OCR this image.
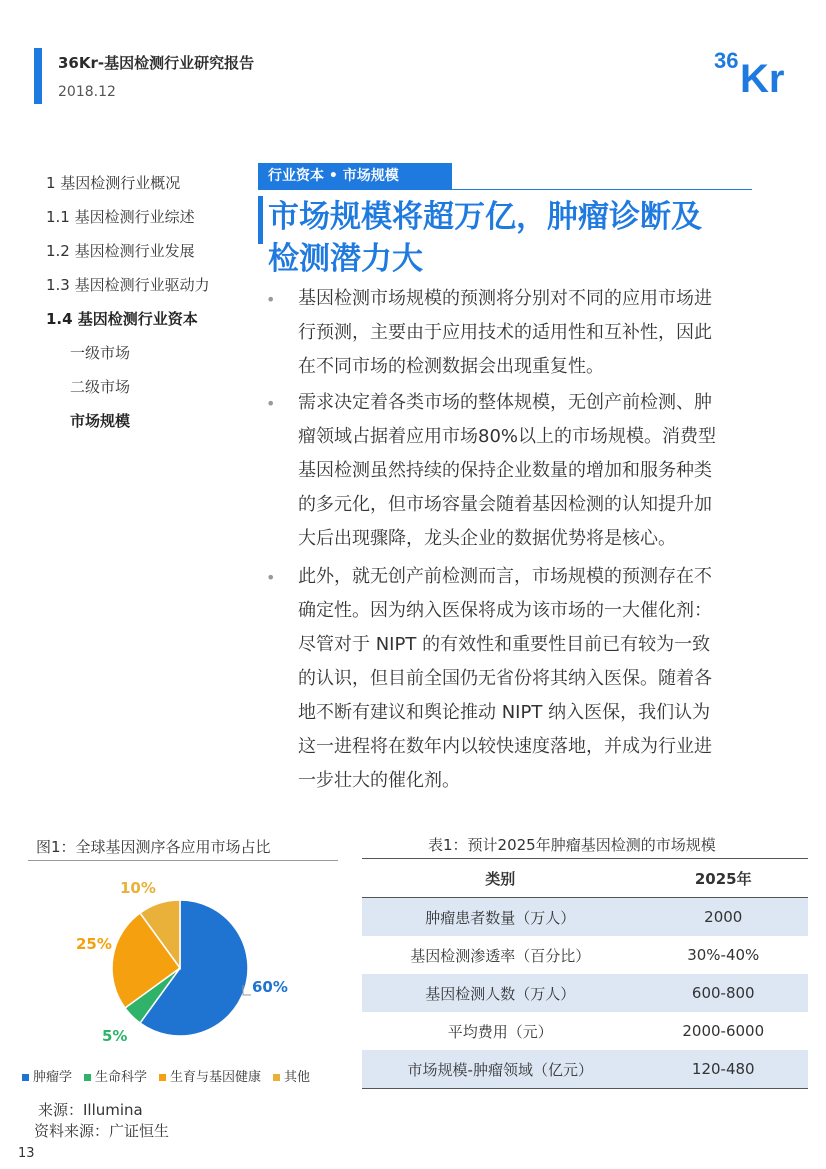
36Kr-基因检测行业研究报告
2018.12
36 Kr
1 基因检测行业概况
1.1 基因检测行业综述
1.2 基因检测行业发展
1.3 基因检测行业驱动力
1.4 基因检测行业资本
一级市场
二级市场
市场规模
行业资本 • 市场规模
市场规模将超万亿，肿瘤诊断及
检测潜力大
• 基因检测市场规模的预测将分别对不同的应用市场进
行预测，主要由于应用技术的适用性和互补性，因此
在不同市场的检测数据会出现重复性。
• 需求决定着各类市场的整体规模，无创产前检测、肿
瘤领域占据着应用市场80%以上的市场规模。消费型
基因检测虽然持续的保持企业数量的增加和服务种类
的多元化，但市场容量会随着基因检测的认知提升加
大后出现骤降，龙头企业的数据优势将是核心。
• 此外，就无创产前检测而言，市场规模的预测存在不
确定性。因为纳入医保将成为该市场的一大催化剂：
尽管对于 NIPT 的有效性和重要性目前已有较为一致
的认识，但目前全国仍无省份将其纳入医保。随着各
地不断有建议和舆论推动 NIPT 纳入医保，我们认为
这一进程将在数年内以较快速度落地，并成为行业进
一步壮大的催化剂。
图1：全球基因测序各应用市场占比
60%
5%
25%
10%
肿瘤学	生命科学	生育与基因健康	其他
来源：Illumina
资料来源：广证恒生
表1：预计2025年肿瘤基因检测的市场规模
类别	2025年
肿瘤患者数量（万人）	2000
基因检测渗透率（百分比）	30%-40%
基因检测人数（万人）	600-800
平均费用（元）	2000-6000
市场规模-肿瘤领域（亿元）	120-480
13
